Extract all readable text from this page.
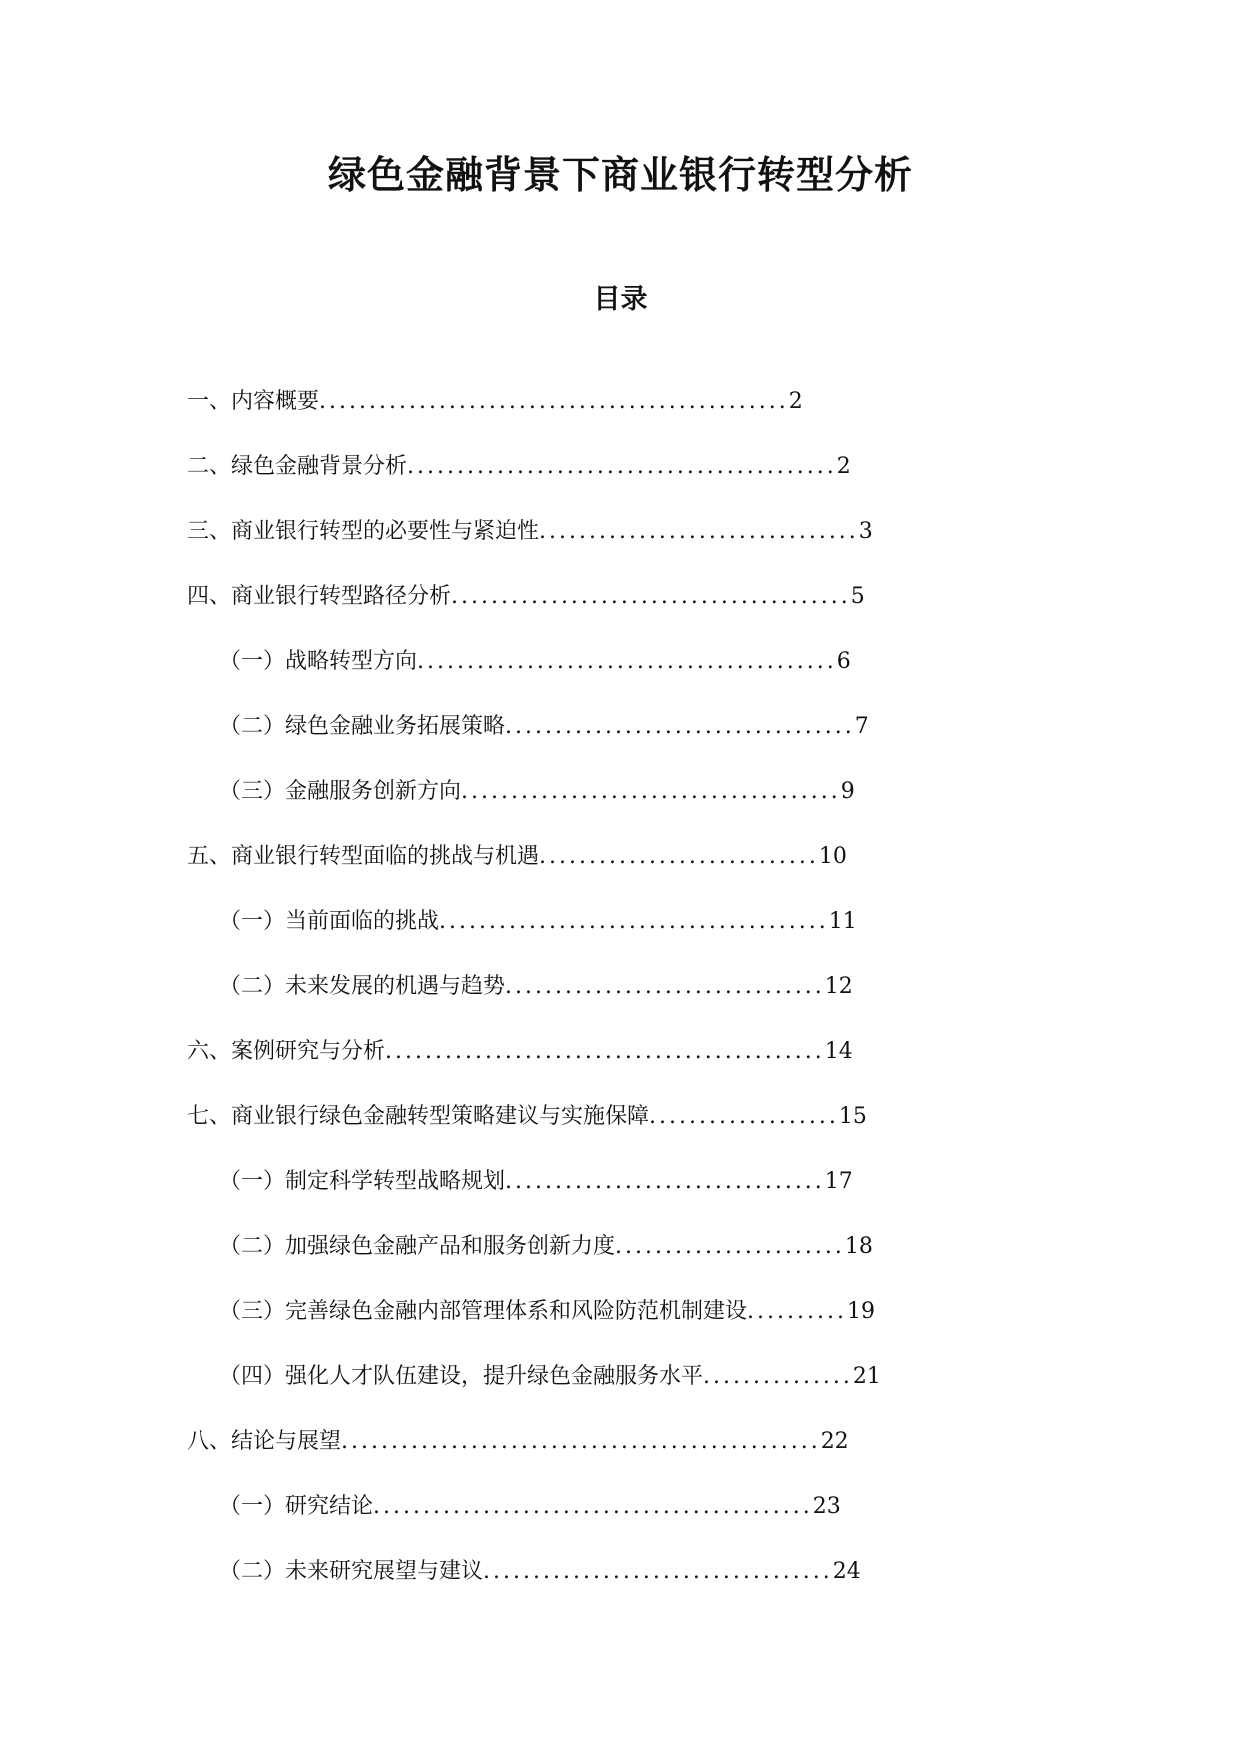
绿色金融背景下商业银行转型分析
目录
一、内容概要 ............................................... 2
二、绿色金融背景分析 ........................................... 2
三、商业银行转型的必要性与紧迫性 ................................ 3
四、商业银行转型路径分析 ........................................ 5
（一）战略转型方向 .......................................... 6
（二）绿色金融业务拓展策略 ................................... 7
（三）金融服务创新方向 ...................................... 9
五、商业银行转型面临的挑战与机遇 ............................ 10
（一）当前面临的挑战 ....................................... 11
（二）未来发展的机遇与趋势 ................................ 12
六、案例研究与分析 ............................................ 14
七、商业银行绿色金融转型策略建议与实施保障 ................... 15
（一）制定科学转型战略规划 ................................ 17
（二）加强绿色金融产品和服务创新力度 ....................... 18
（三）完善绿色金融内部管理体系和风险防范机制建设 .......... 19
（四）强化人才队伍建设，提升绿色金融服务水平 ............... 21
八、结论与展望 ................................................ 22
（一）研究结论 ............................................ 23
（二）未来研究展望与建议 ................................... 24
